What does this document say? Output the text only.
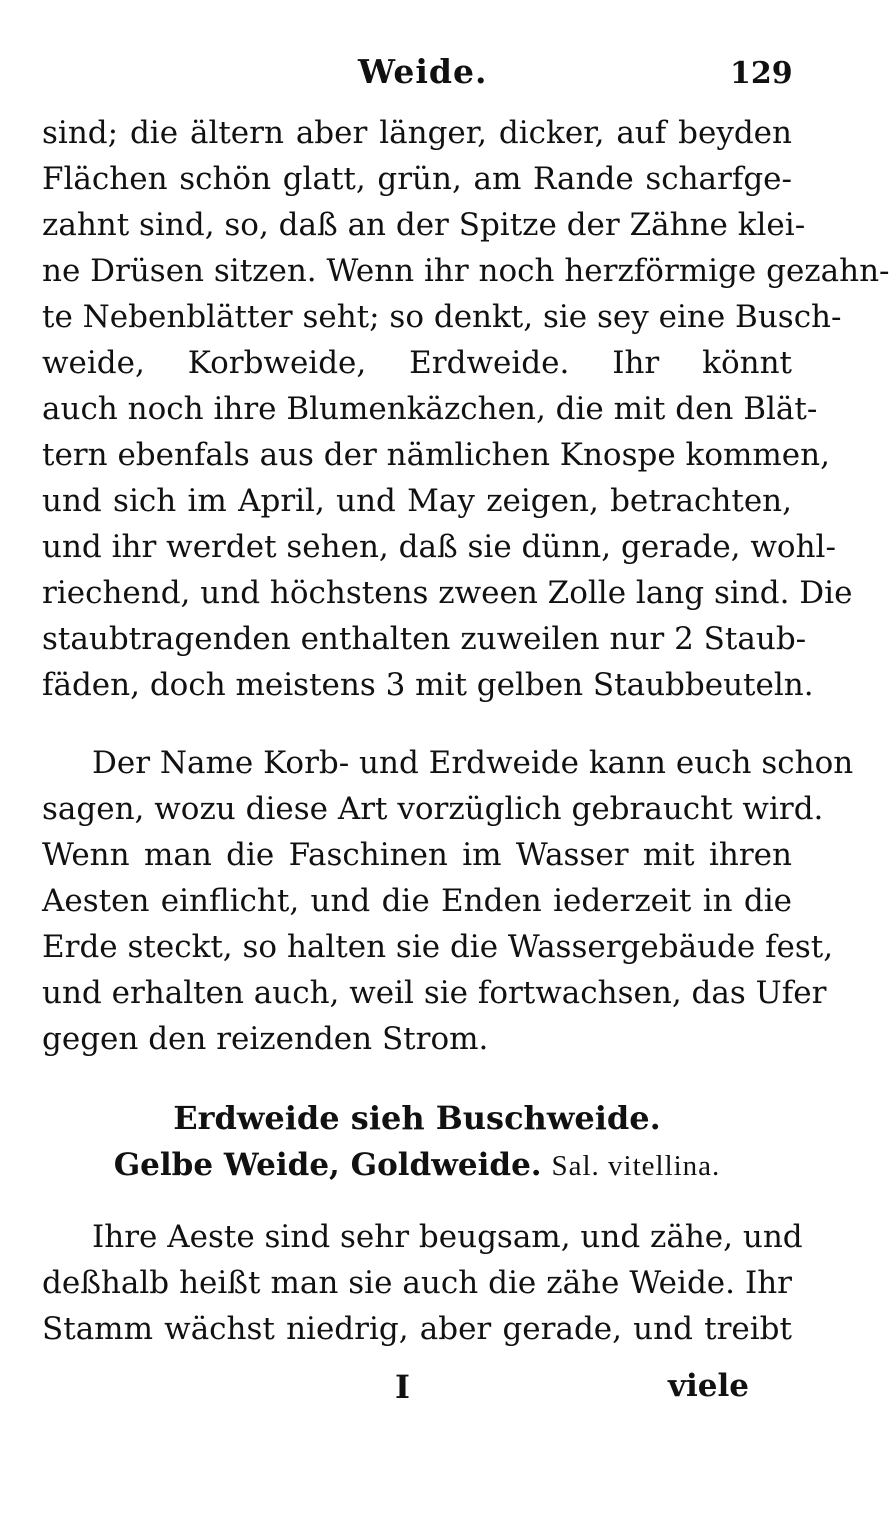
Weide.	129
sind; die ältern aber länger, dicker, auf beyden
Flächen schön glatt, grün, am Rande scharfge-
zahnt sind, so, daß an der Spitze der Zähne klei-
ne Drüsen sitzen. Wenn ihr noch herzförmige gezahn-
te Nebenblätter seht; so denkt, sie sey eine Busch-
weide, Korbweide, Erdweide. Ihr könnt
auch noch ihre Blumenkäzchen, die mit den Blät-
tern ebenfals aus der nämlichen Knospe kommen,
und sich im April, und May zeigen, betrachten,
und ihr werdet sehen, daß sie dünn, gerade, wohl-
riechend, und höchstens zween Zolle lang sind. Die
staubtragenden enthalten zuweilen nur 2 Staub-
fäden, doch meistens 3 mit gelben Staubbeuteln.
Der Name Korb- und Erdweide kann euch schon
sagen, wozu diese Art vorzüglich gebraucht wird.
Wenn man die Faschinen im Wasser mit ihren
Aesten einflicht, und die Enden iederzeit in die
Erde steckt, so halten sie die Wassergebäude fest,
und erhalten auch, weil sie fortwachsen, das Ufer
gegen den reizenden Strom.
Erdweide sieh Buschweide.
Gelbe Weide, Goldweide. Sal. vitellina.
Ihre Aeste sind sehr beugsam, und zähe, und
deßhalb heißt man sie auch die zähe Weide. Ihr
Stamm wächst niedrig, aber gerade, und treibt
I	viele
